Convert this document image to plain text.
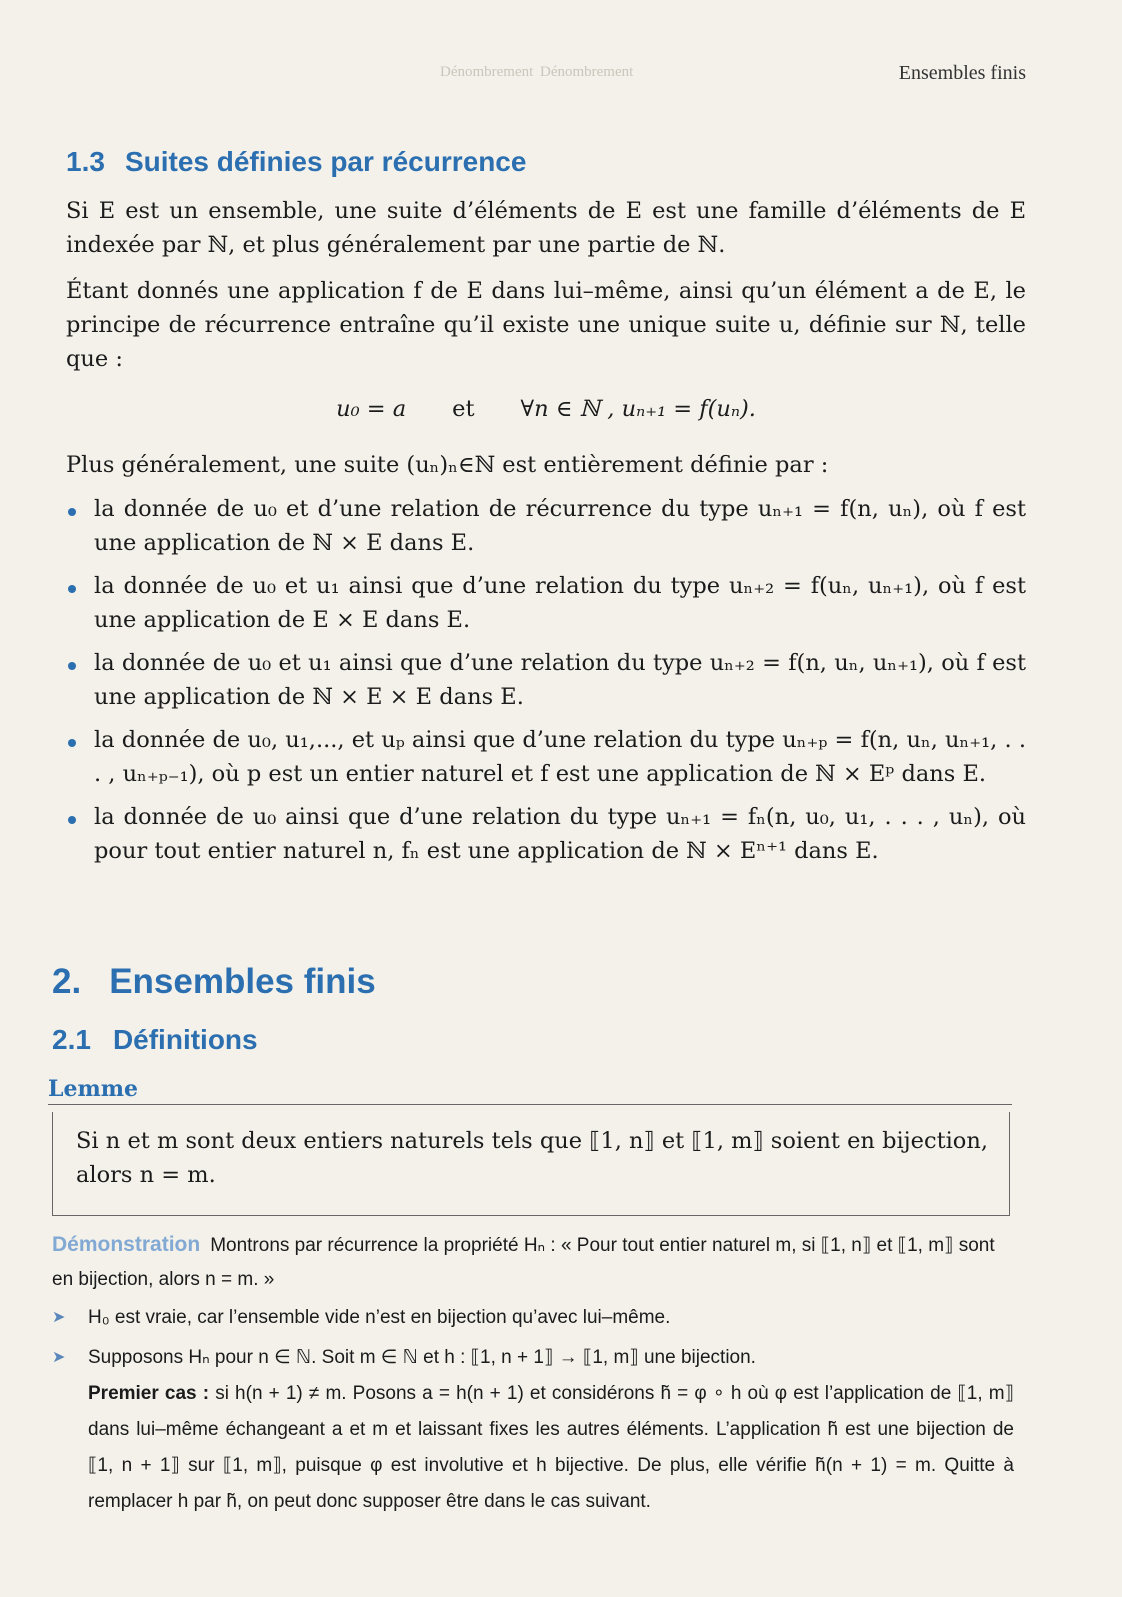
Dénombrement Dénombrement	Ensembles finis
1.3 Suites définies par récurrence
Si E est un ensemble, une suite d’éléments de E est une famille d’éléments de E indexée par ℕ, et plus généralement par une partie de ℕ.
Étant donnés une application f de E dans lui–même, ainsi qu’un élément a de E, le principe de récurrence entraîne qu’il existe une unique suite u, définie sur ℕ, telle que :
u₀ = a et ∀n ∈ ℕ , uₙ₊₁ = f(uₙ).
Plus généralement, une suite (uₙ)ₙ∈ℕ est entièrement définie par :
la donnée de u₀ et d’une relation de récurrence du type uₙ₊₁ = f(n, uₙ), où f est une application de ℕ × E dans E.
la donnée de u₀ et u₁ ainsi que d’une relation du type uₙ₊₂ = f(uₙ, uₙ₊₁), où f est une application de E × E dans E.
la donnée de u₀ et u₁ ainsi que d’une relation du type uₙ₊₂ = f(n, uₙ, uₙ₊₁), où f est une application de ℕ × E × E dans E.
la donnée de u₀, u₁,..., et uₚ ainsi que d’une relation du type uₙ₊ₚ = f(n, uₙ, uₙ₊₁, . . . , uₙ₊ₚ₋₁), où p est un entier naturel et f est une application de ℕ × Eᵖ dans E.
la donnée de u₀ ainsi que d’une relation du type uₙ₊₁ = fₙ(n, u₀, u₁, . . . , uₙ), où pour tout entier naturel n, fₙ est une application de ℕ × Eⁿ⁺¹ dans E.
2. Ensembles finis
2.1 Définitions
Lemme
Si n et m sont deux entiers naturels tels que ⟦1, n⟧ et ⟦1, m⟧ soient en bijection, alors n = m.
Démonstration Montrons par récurrence la propriété Hₙ : « Pour tout entier naturel m, si ⟦1, n⟧ et ⟦1, m⟧ sont en bijection, alors n = m. »
➤ H₀ est vraie, car l’ensemble vide n’est en bijection qu’avec lui–même.
➤ Supposons Hₙ pour n ∈ ℕ. Soit m ∈ ℕ et h : ⟦1, n + 1⟧ → ⟦1, m⟧ une bijection.
Premier cas : si h(n + 1) ≠ m. Posons a = h(n + 1) et considérons h̃ = φ ∘ h où φ est l’application de ⟦1, m⟧ dans lui–même échangeant a et m et laissant fixes les autres éléments. L’application h̃ est une bijection de ⟦1, n + 1⟧ sur ⟦1, m⟧, puisque φ est involutive et h bijective. De plus, elle vérifie h̃(n + 1) = m. Quitte à remplacer h par h̃, on peut donc supposer être dans le cas suivant.
